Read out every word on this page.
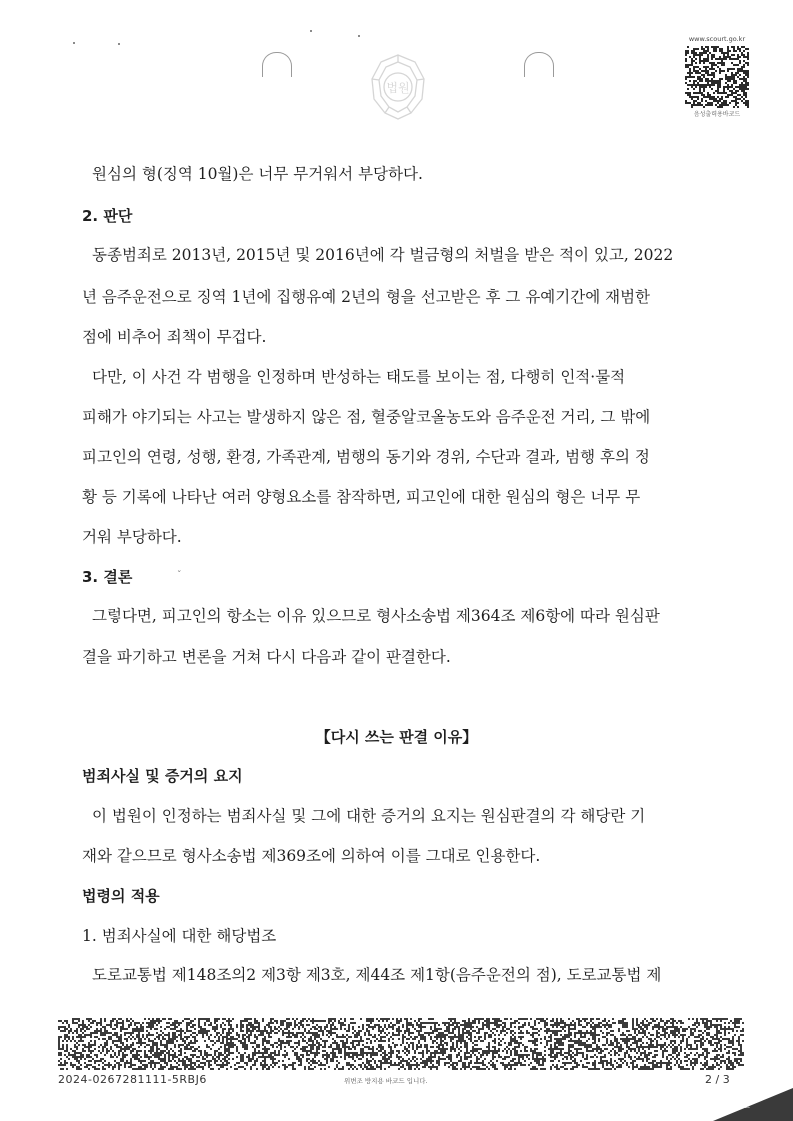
법원
www.scourt.go.kr
음성출력용바코드
원심의 형(징역 10월)은 너무 무거워서 부당하다.
2. 판단
동종범죄로 2013년, 2015년 및 2016년에 각 벌금형의 처벌을 받은 적이 있고, 2022
년 음주운전으로 징역 1년에 집행유예 2년의 형을 선고받은 후 그 유예기간에 재범한
점에 비추어 죄책이 무겁다.
다만, 이 사건 각 범행을 인정하며 반성하는 태도를 보이는 점, 다행히 인적·물적
피해가 야기되는 사고는 발생하지 않은 점, 혈중알코올농도와 음주운전 거리, 그 밖에
피고인의 연령, 성행, 환경, 가족관계, 범행의 동기와 경위, 수단과 결과, 범행 후의 정
황 등 기록에 나타난 여러 양형요소를 참작하면, 피고인에 대한 원심의 형은 너무 무
거워 부당하다.
3. 결론	ˇ
그렇다면, 피고인의 항소는 이유 있으므로 형사소송법 제364조 제6항에 따라 원심판
결을 파기하고 변론을 거쳐 다시 다음과 같이 판결한다.
【다시 쓰는 판결 이유】
범죄사실 및 증거의 요지
이 법원이 인정하는 범죄사실 및 그에 대한 증거의 요지는 원심판결의 각 해당란 기
재와 같으므로 형사소송법 제369조에 의하여 이를 그대로 인용한다.
법령의 적용
1. 범죄사실에 대한 해당법조
도로교통법 제148조의2 제3항 제3호, 제44조 제1항(음주운전의 점), 도로교통법 제
2024-0267281111-5RBJ6	위변조 방지용 바코드 입니다.	2 / 3
대한민국법원
